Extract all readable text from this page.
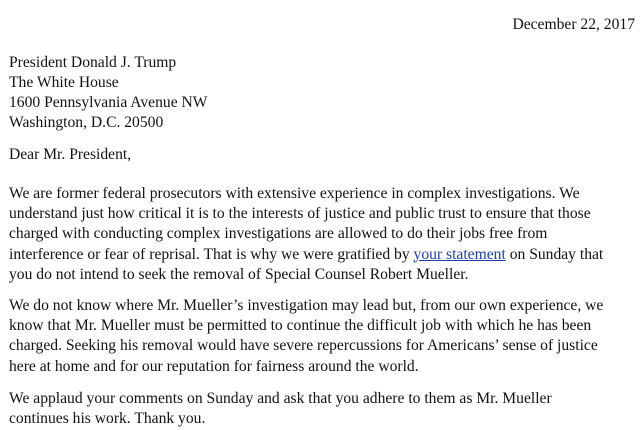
December 22, 2017
President Donald J. Trump
The White House
1600 Pennsylvania Avenue NW
Washington, D.C. 20500
Dear Mr. President,
We are former federal prosecutors with extensive experience in complex investigations. We
understand just how critical it is to the interests of justice and public trust to ensure that those
charged with conducting complex investigations are allowed to do their jobs free from
interference or fear of reprisal. That is why we were gratified by your statement on Sunday that
you do not intend to seek the removal of Special Counsel Robert Mueller.
We do not know where Mr. Mueller’s investigation may lead but, from our own experience, we
know that Mr. Mueller must be permitted to continue the difficult job with which he has been
charged. Seeking his removal would have severe repercussions for Americans’ sense of justice
here at home and for our reputation for fairness around the world.
We applaud your comments on Sunday and ask that you adhere to them as Mr. Mueller
continues his work. Thank you.
